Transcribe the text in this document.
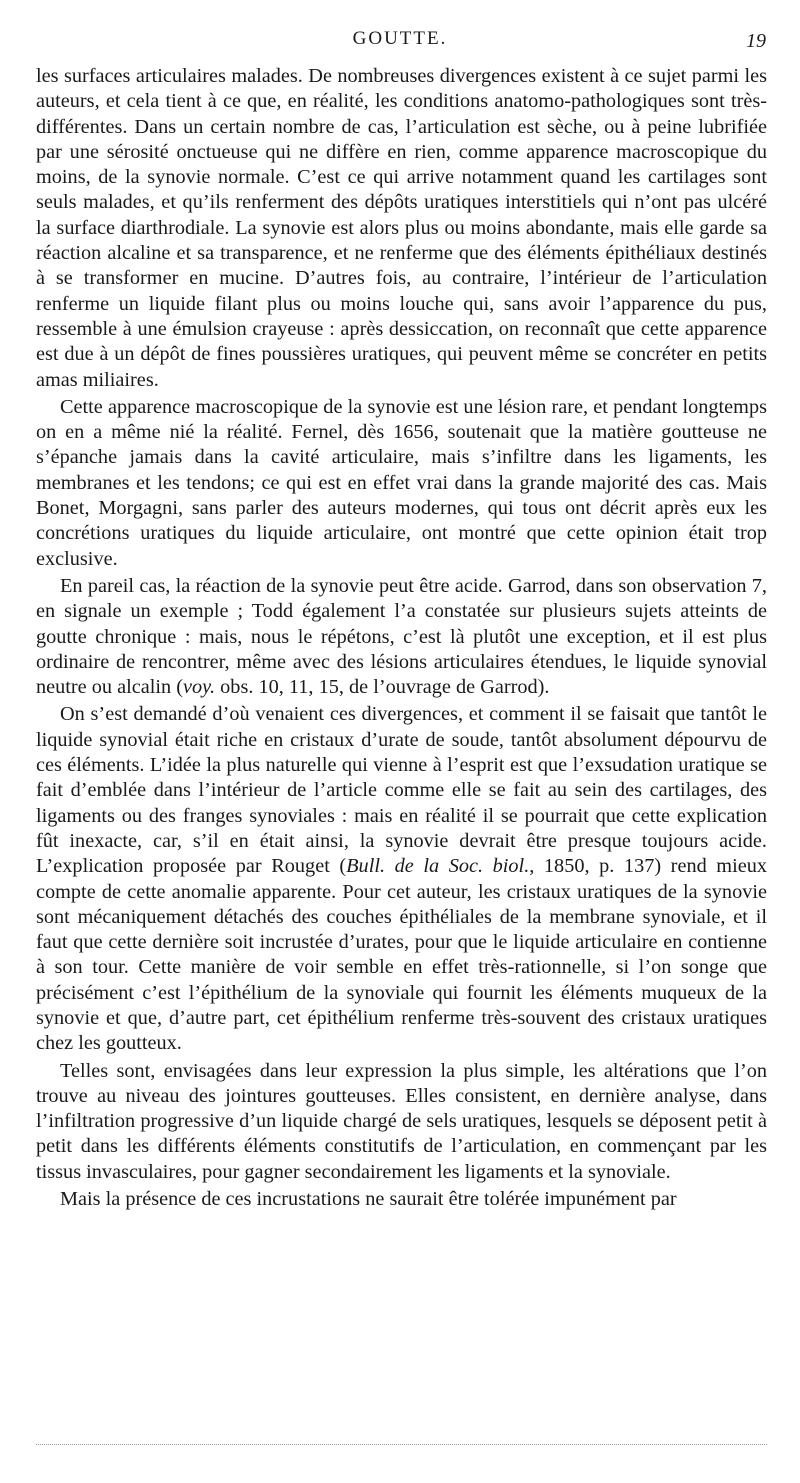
GOUTTE.	19

les surfaces articulaires malades. De nombreuses divergences existent à ce sujet parmi les auteurs, et cela tient à ce que, en réalité, les conditions anatomo-pathologiques sont très-différentes. Dans un certain nombre de cas, l’articulation est sèche, ou à peine lubrifiée par une sérosité onctueuse qui ne diffère en rien, comme apparence macroscopique du moins, de la synovie normale. C’est ce qui arrive notamment quand les cartilages sont seuls malades, et qu’ils renferment des dépôts uratiques interstitiels qui n’ont pas ulcéré la surface diarthrodiale. La synovie est alors plus ou moins abondante, mais elle garde sa réaction alcaline et sa transparence, et ne renferme que des éléments épithéliaux destinés à se transformer en mucine. D’autres fois, au contraire, l’intérieur de l’articulation renferme un liquide filant plus ou moins louche qui, sans avoir l’apparence du pus, ressemble à une émulsion crayeuse : après dessiccation, on reconnaît que cette apparence est due à un dépôt de fines poussières uratiques, qui peuvent même se concréter en petits amas miliaires.

Cette apparence macroscopique de la synovie est une lésion rare, et pendant longtemps on en a même nié la réalité. Fernel, dès 1656, soutenait que la matière goutteuse ne s’épanche jamais dans la cavité articulaire, mais s’infiltre dans les ligaments, les membranes et les tendons; ce qui est en effet vrai dans la grande majorité des cas. Mais Bonet, Morgagni, sans parler des auteurs modernes, qui tous ont décrit après eux les concrétions uratiques du liquide articulaire, ont montré que cette opinion était trop exclusive.

En pareil cas, la réaction de la synovie peut être acide. Garrod, dans son observation 7, en signale un exemple ; Todd également l’a constatée sur plusieurs sujets atteints de goutte chronique : mais, nous le répétons, c’est là plutôt une exception, et il est plus ordinaire de rencontrer, même avec des lésions articulaires étendues, le liquide synovial neutre ou alcalin (voy. obs. 10, 11, 15, de l’ouvrage de Garrod).

On s’est demandé d’où venaient ces divergences, et comment il se faisait que tantôt le liquide synovial était riche en cristaux d’urate de soude, tantôt absolument dépourvu de ces éléments. L’idée la plus naturelle qui vienne à l’esprit est que l’exsudation uratique se fait d’emblée dans l’intérieur de l’article comme elle se fait au sein des cartilages, des ligaments ou des franges synoviales : mais en réalité il se pourrait que cette explication fût inexacte, car, s’il en était ainsi, la synovie devrait être presque toujours acide. L’explication proposée par Rouget (Bull. de la Soc. biol., 1850, p. 137) rend mieux compte de cette anomalie apparente. Pour cet auteur, les cristaux uratiques de la synovie sont mécaniquement détachés des couches épithéliales de la membrane synoviale, et il faut que cette dernière soit incrustée d’urates, pour que le liquide articulaire en contienne à son tour. Cette manière de voir semble en effet très-rationnelle, si l’on songe que précisément c’est l’épithélium de la synoviale qui fournit les éléments muqueux de la synovie et que, d’autre part, cet épithélium renferme très-souvent des cristaux uratiques chez les goutteux.

Telles sont, envisagées dans leur expression la plus simple, les altérations que l’on trouve au niveau des jointures goutteuses. Elles consistent, en dernière analyse, dans l’infiltration progressive d’un liquide chargé de sels uratiques, lesquels se déposent petit à petit dans les différents éléments constitutifs de l’articulation, en commençant par les tissus invasculaires, pour gagner secondairement les ligaments et la synoviale.

Mais la présence de ces incrustations ne saurait être tolérée impunément par
